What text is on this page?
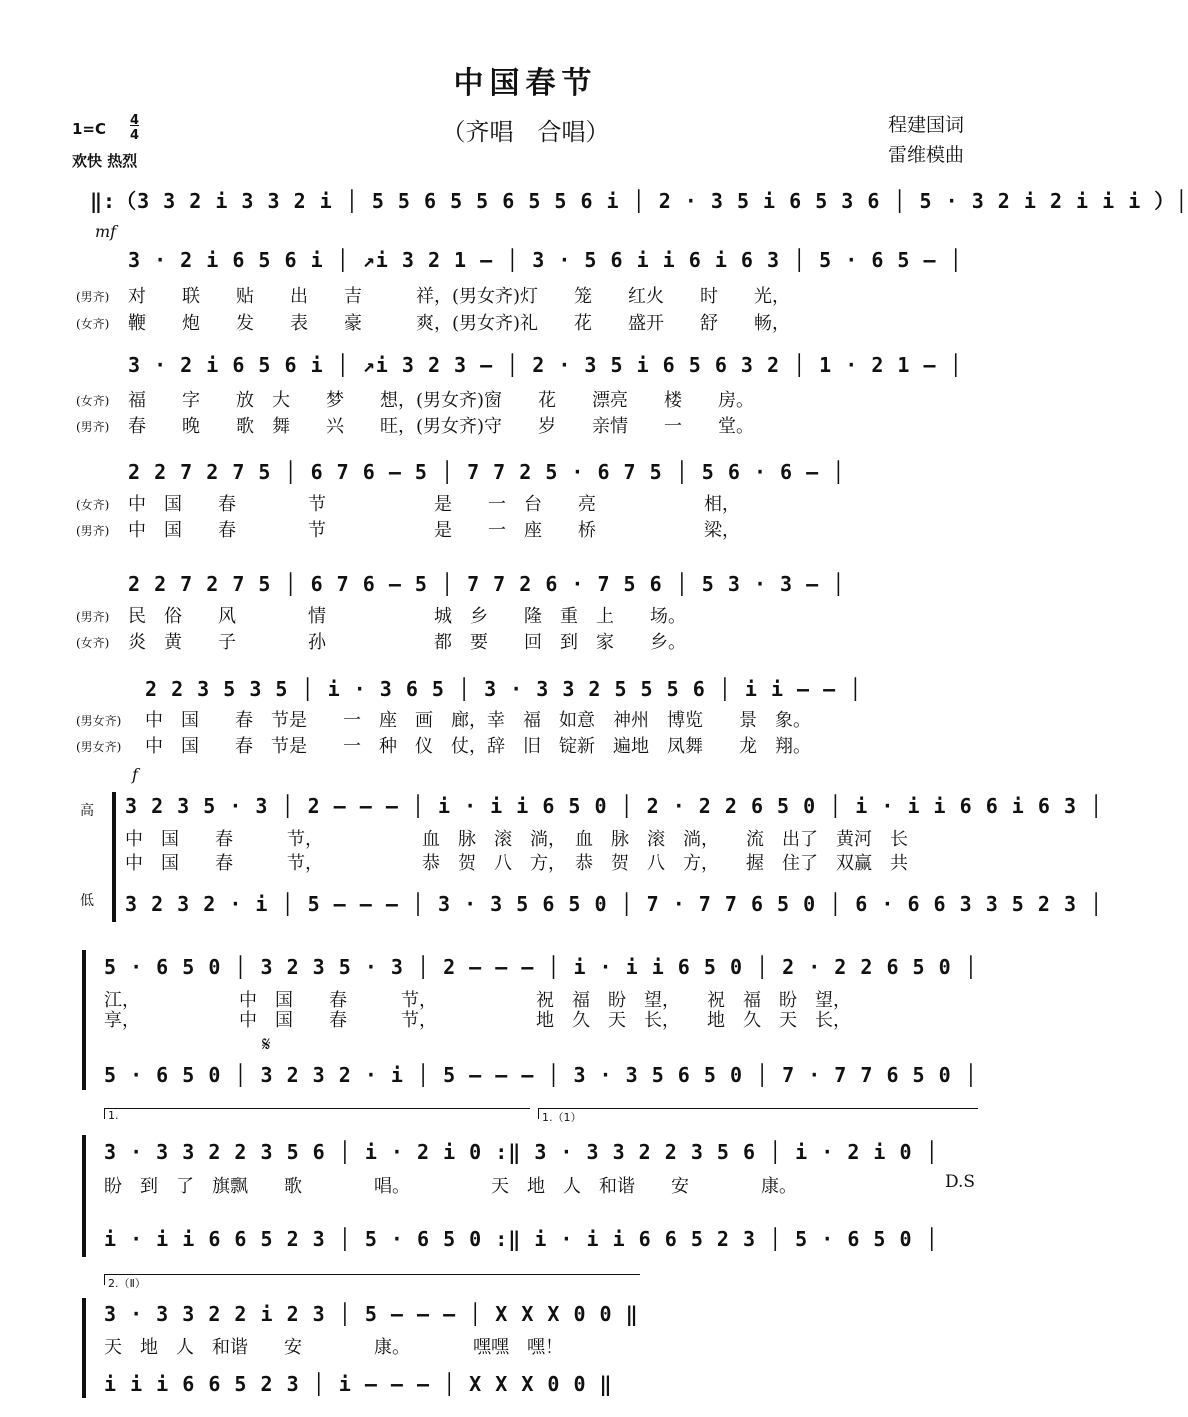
中国春节
（齐唱　合唱）	程建国词
雷维模曲
1=C 4
4
欢快 热烈
‖:（3 3 2 i 3 3 2 i │ 5 5 6 5 5 6 5 5 6 i │ 2 · 3 5 i 6 5 3 6 │ 5 · 3 2 i 2 i i i ）│
mf
3 · 2 i 6 5 6 i │ ↗i 3 2 1 – │ 3 · 5 6 i i 6 i 6 3 │ 5 · 6 5 – │
(男齐) 对　　联　　贴　　出　　吉　　　祥，(男女齐)灯　　笼　　红火　　时　　光，
(女齐) 鞭　　炮　　发　　表　　豪　　　爽，(男女齐)礼　　花　　盛开　　舒　　畅，
3 · 2 i 6 5 6 i │ ↗i 3 2 3 – │ 2 · 3 5 i 6 5 6 3 2 │ 1 · 2 1 – │
(女齐) 福　　字　　放　大　　梦　　想，(男女齐)窗　　花　　漂亮　　楼　　房。
(男齐) 春　　晚　　歌　舞　　兴　　旺，(男女齐)守　　岁　　亲情　　一　　堂。
2 2 7 2 7 5 │ 6 7 6 – 5 │ 7 7 2 5 · 6 7 5 │ 5 6 · 6 – │
(女齐) 中　国　　春　　　　节　　　　　　是　　一　台　　亮　　　　　　相，
(男齐) 中　国　　春　　　　节　　　　　　是　　一　座　　桥　　　　　　梁，
2 2 7 2 7 5 │ 6 7 6 – 5 │ 7 7 2 6 · 7 5 6 │ 5 3 · 3 – │
(男齐) 民　俗　　风　　　　情　　　　　　城　乡　　隆　重　上　　场。
(女齐) 炎　黄　　子　　　　孙　　　　　　都　要　　回　到　家　　乡。
2 2 3 5 3 5 │ i · 3 6 5 │ 3 · 3 3 2 5 5 5 6 │ i i – – │
(男女齐) 中　国　　春　节是　　一　座　画　廊，幸　福　如意　神州　博览　　景　象。
(男女齐) 中　国　　春　节是　　一　种　仪　仗，辞　旧　锭新　遍地　凤舞　　龙　翔。
f
高
低
3 2 3 5 · 3 │ 2 – – – │ i · i i 6 5 0 │ 2 · 2 2 6 5 0 │ i · i i 6 6 i 6 3 │
中　国　　春　　　节，　　　　　　血　脉　滚　淌，　血　脉　滚　淌，　　流　出了　黄河　长
中　国　　春　　　节，　　　　　　恭　贺　八　方，　恭　贺　八　方，　　握　住了　双赢　共
3 2 3 2 · i │ 5 – – – │ 3 · 3 5 6 5 0 │ 7 · 7 7 6 5 0 │ 6 · 6 6 3 3 5 2 3 │
5 · 6 5 0 │ 3 2 3 5 · 3 │ 2 – – – │ i · i i 6 5 0 │ 2 · 2 2 6 5 0 │
江，　　　　　　中　国　　春　　　节，　　　　　　祝　福　盼　望，　　祝　福　盼　望，
享，　　　　　　中　国　　春　　　节，　　　　　　地　久　天　长，　　地　久　天　长，
𝄋
5 · 6 5 0 │ 3 2 3 2 · i │ 5 – – – │ 3 · 3 5 6 5 0 │ 7 · 7 7 6 5 0 │
1.	1.（1）
3 · 3 3 2 2 3 5 6 │ i · 2 i 0 :‖ 3 · 3 3 2 2 3 5 6 │ i · 2 i 0 │
盼　到　了　旗飘　　歌　　　　唱。　　　　　天　地　人　和谐　　安　　　　康。	D.S
i · i i 6 6 5 2 3 │ 5 · 6 5 0 :‖ i · i i 6 6 5 2 3 │ 5 · 6 5 0 │
2.（Ⅱ）
3 · 3 3 2 2 i 2 3 │ 5 – – – │ X X X 0 0 ‖
天　地　人　和谐　　安　　　　康。　　　　嘿嘿　嘿！
i i i 6 6 5 2 3 │ i – – – │ X X X 0 0 ‖
